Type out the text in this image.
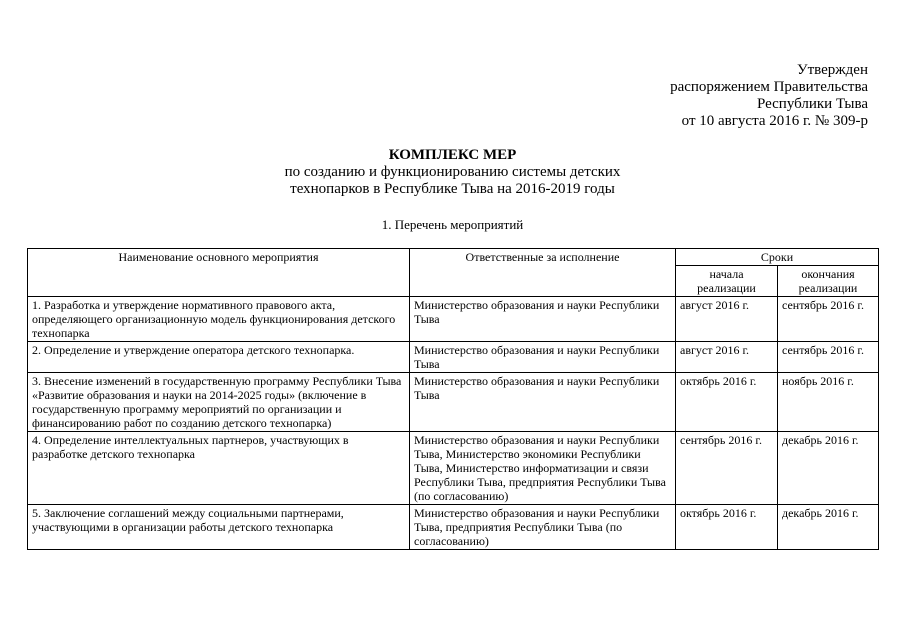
Утвержден
распоряжением Правительства
Республики Тыва
от 10 августа 2016 г. № 309-р
КОМПЛЕКС МЕР
по созданию и функционированию системы детских
технопарков в Республике Тыва на 2016-2019 годы
1. Перечень мероприятий
Наименование основного мероприятия	Ответственные за исполнение	Сроки	
		начала реализации	окончания реализации
1. Разработка и утверждение нормативного правового акта, определяющего организационную модель функционирования детского технопарка	Министерство образования и науки Республики Тыва	август 2016 г.	сентябрь 2016 г.
2. Определение и утверждение оператора детского технопарка.	Министерство образования и науки Республики Тыва	август 2016 г.	сентябрь 2016 г.
3. Внесение изменений в государственную программу Республики Тыва «Развитие образования и науки на 2014-2025 годы» (включение в государственную программу мероприятий по организации и финансированию работ по созданию детского технопарка)	Министерство образования и науки Республики Тыва	октябрь 2016 г.	ноябрь 2016 г.
4. Определение интеллектуальных партнеров, участвующих в разработке детского технопарка	Министерство образования и науки Республики Тыва, Министерство экономики Республики Тыва, Министерство информатизации и связи Республики Тыва, предприятия Республики Тыва (по согласованию)	сентябрь 2016 г.	декабрь 2016 г.
5. Заключение соглашений между социальными партнерами, участвующими в организации работы детского технопарка	Министерство образования и науки Республики Тыва, предприятия Республики Тыва (по согласованию)	октябрь 2016 г.	декабрь 2016 г.
